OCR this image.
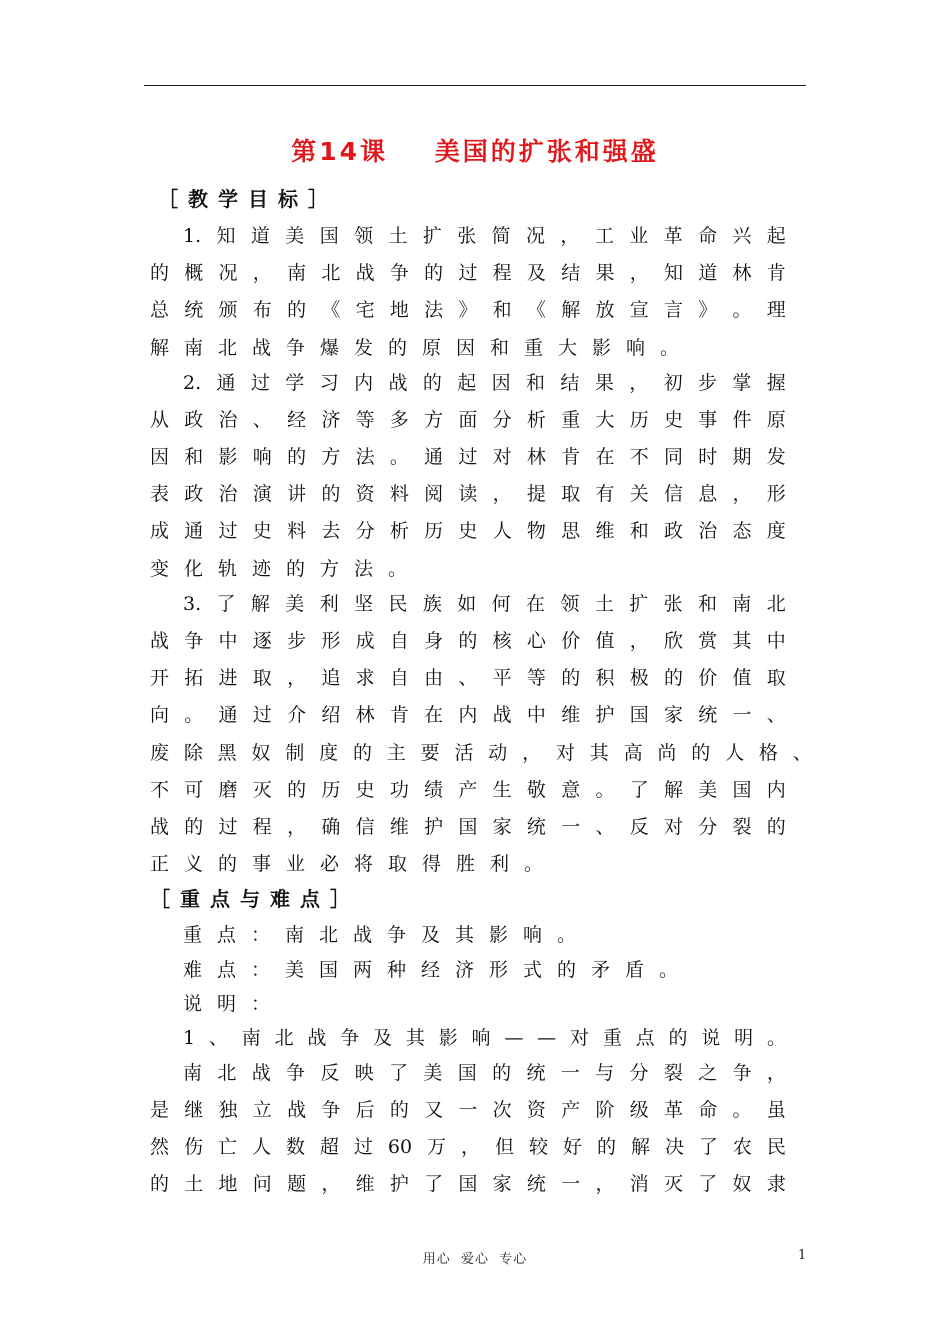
第14课    美国的扩张和强盛
［教学目标］
1. 知 道 美 国 领 土 扩 张 简 况 ， 工 业 革 命 兴 起
的 概 况 ， 南 北 战 争 的 过 程 及 结 果 ， 知 道 林 肯
总 统 颁 布 的 《 宅 地 法 》 和 《 解 放 宣 言 》 。 理
解南北战争爆发的原因和重大影响。
2. 通 过 学 习 内 战 的 起 因 和 结 果 ， 初 步 掌 握
从 政 治 、 经 济 等 多 方 面 分 析 重 大 历 史 事 件 原
因 和 影 响 的 方 法 。 通 过 对 林 肯 在 不 同 时 期 发
表 政 治 演 讲 的 资 料 阅 读 ， 提 取 有 关 信 息 ， 形
成 通 过 史 料 去 分 析 历 史 人 物 思 维 和 政 治 态 度
变化轨迹的方法。
3. 了 解 美 利 坚 民 族 如 何 在 领 土 扩 张 和 南 北
战 争 中 逐 步 形 成 自 身 的 核 心 价 值 ， 欣 赏 其 中
开 拓 进 取 ， 追 求 自 由 、 平 等 的 积 极 的 价 值 取
向 。 通 过 介 绍 林 肯 在 内 战 中 维 护 国 家 统 一 、
废 除 黑 奴 制 度 的 主 要 活 动 ， 对 其 高 尚 的 人 格 、
不 可 磨 灭 的 历 史 功 绩 产 生 敬 意 。 了 解 美 国 内
战 的 过 程 ， 确 信 维 护 国 家 统 一 、 反 对 分 裂 的
正义的事业必将取得胜利。
［重点与难点］
重点：南北战争及其影响。
难点：美国两种经济形式的矛盾。
说明：
1 、 南 北 战 争 及 其 影 响 — — 对 重 点 的 说 明 。
南 北 战 争 反 映 了 美 国 的 统 一 与 分 裂 之 争 ，
是 继 独 立 战 争 后 的 又 一 次 资 产 阶 级 革 命 。 虽
然 伤 亡 人 数 超 过 60 万 ， 但 较 好 的 解 决 了 农 民
的 土 地 问 题 ， 维 护 了 国 家 统 一 ， 消 灭 了 奴 隶
用心  爱心  专心	1
